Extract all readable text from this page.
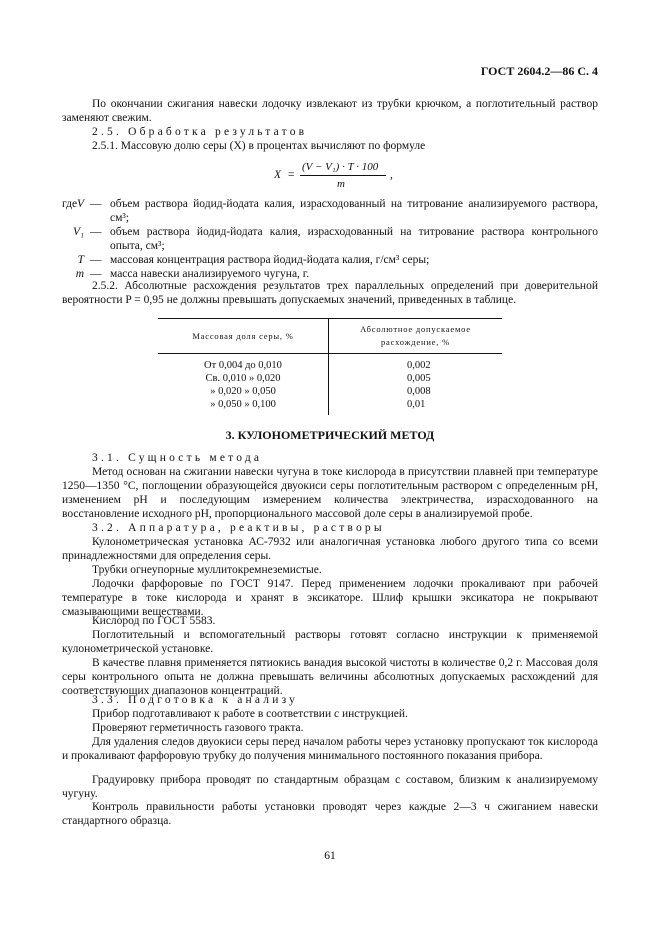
ГОСТ 2604.2—86 С. 4
По окончании сжигания навески лодочку извлекают из трубки крючком, а поглотительный раствор заменяют свежим.
2.5. Обработка результатов
2.5.1. Массовую долю серы (X) в процентах вычисляют по формуле
X =
(V − V₁) · T · 100
m
,
где V — объем раствора йодид-йодата калия, израсходованный на титрование анализируемого раствора, см³;
V₁ — объем раствора йодид-йодата калия, израсходованный на титрование раствора контрольного опыта, см³;
T — массовая концентрация раствора йодид-йодата калия, г/см³ серы;
m — масса навески анализируемого чугуна, г.
2.5.2. Абсолютные расхождения результатов трех параллельных определений при доверительной вероятности P = 0,95 не должны превышать допускаемых значений, приведенных в таблице.
Массовая доля серы, %	Абсолютное допускаемое расхождение, %
От 0,004 до 0,010	0,002
Св. 0,010 » 0,020	0,005
» 0,020 » 0,050	0,008
» 0,050 » 0,100	0,01
3. КУЛОНОМЕТРИЧЕСКИЙ МЕТОД
3.1. Сущность метода
Метод основан на сжигании навески чугуна в токе кислорода в присутствии плавней при температуре 1250—1350 °С, поглощении образующейся двуокиси серы поглотительным раствором с определенным pH, изменением pH и последующим измерением количества электричества, израсходованного на восстановление исходного pH, пропорционального массовой доле серы в анализируемой пробе.
3.2. Аппаратура, реактивы, растворы
Кулонометрическая установка АС-7932 или аналогичная установка любого другого типа со всеми принадлежностями для определения серы.
Трубки огнеупорные муллитокремнеземистые.
Лодочки фарфоровые по ГОСТ 9147. Перед применением лодочки прокаливают при рабочей температуре в токе кислорода и хранят в эксикаторе. Шлиф крышки эксикатора не покрывают смазывающими веществами.
Кислород по ГОСТ 5583.
Поглотительный и вспомогательный растворы готовят согласно инструкции к применяемой кулонометрической установке.
В качестве плавня применяется пятиокись ванадия высокой чистоты в количестве 0,2 г. Массовая доля серы контрольного опыта не должна превышать величины абсолютных допускаемых расхождений для соответствующих диапазонов концентраций.
3.3. Подготовка к анализу
Прибор подготавливают к работе в соответствии с инструкцией.
Проверяют герметичность газового тракта.
Для удаления следов двуокиси серы перед началом работы через установку пропускают ток кислорода и прокаливают фарфоровую трубку до получения минимального постоянного показания прибора.
Градуировку прибора проводят по стандартным образцам с составом, близким к анализируемому чугуну.
Контроль правильности работы установки проводят через каждые 2—3 ч сжиганием навески стандартного образца.
61
